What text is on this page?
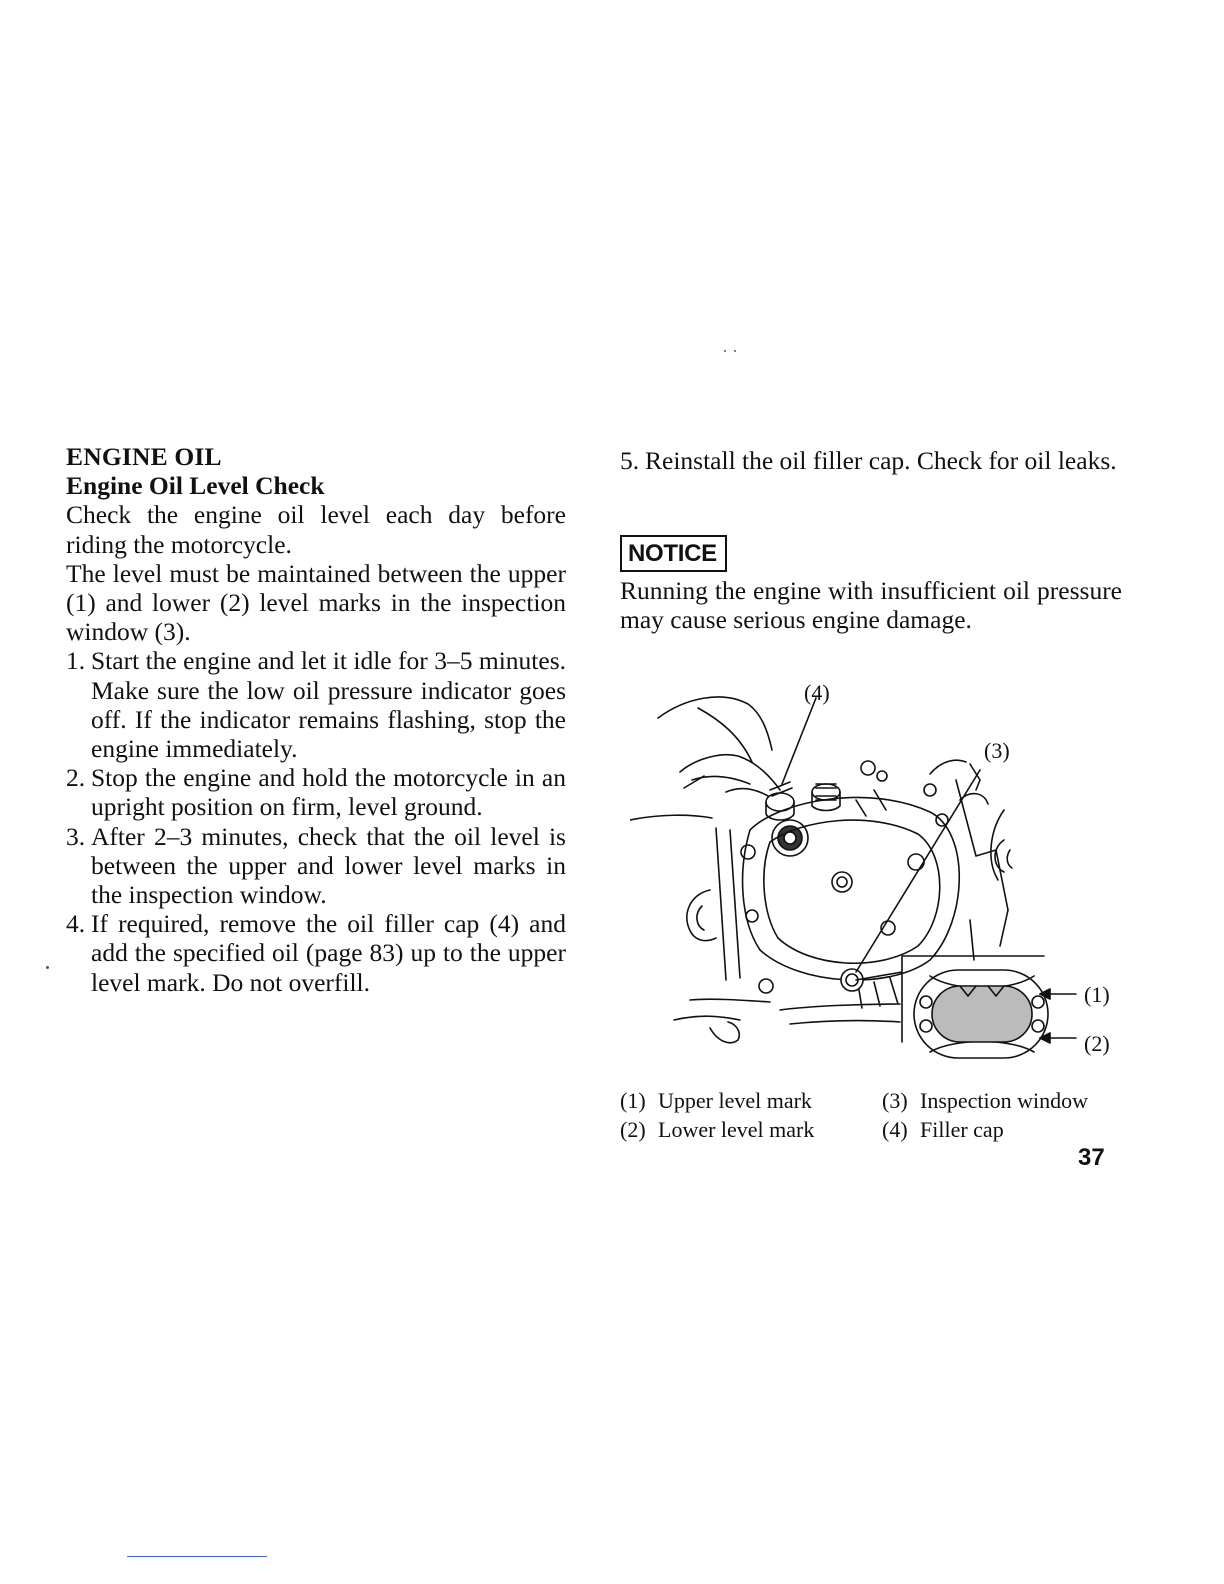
ENGINE OIL

Engine Oil Level Check

Check the engine oil level each day before riding the motorcycle.

The level must be maintained between the upper (1) and lower (2) level marks in the inspection window (3).

1. Start the engine and let it idle for 3–5 minutes. Make sure the low oil pressure indicator goes off. If the indicator remains flashing, stop the engine immediately.
2. Stop the engine and hold the motorcycle in an upright position on firm, level ground.
3. After 2–3 minutes, check that the oil level is between the upper and lower level marks in the inspection window.
4. If required, remove the oil filler cap (4) and add the specified oil (page 83) up to the upper level mark. Do not overfill.
5. Reinstall the oil filler cap. Check for oil leaks.
NOTICE

Running the engine with insufficient oil pressure may cause serious engine damage.

(4)
(3)
(1)
(2)
(1) Upper level mark	(3) Inspection window
(2) Lower level mark	(4) Filler cap
37
